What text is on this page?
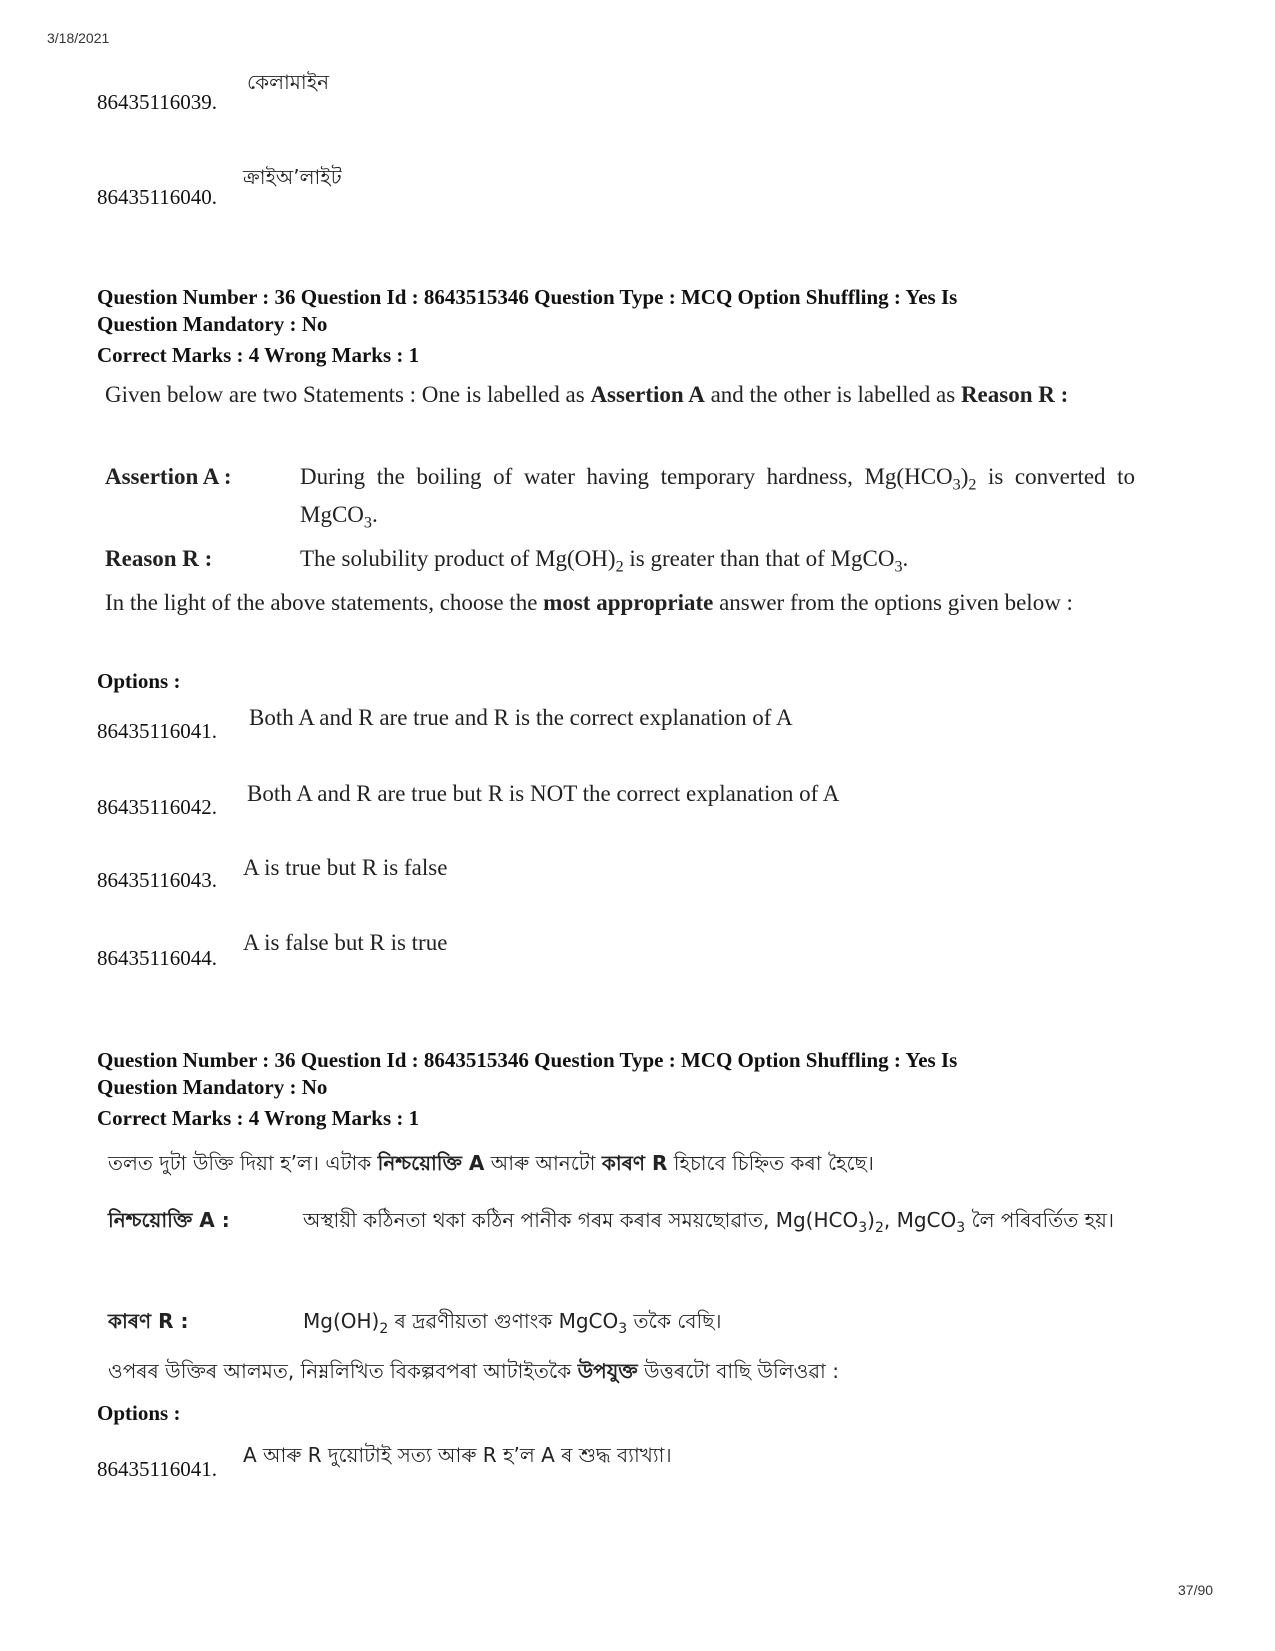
3/18/2021
37/90
86435116039.
কেলামাইন
86435116040.
ক্ৰাইঅ’লাইট
Question Number : 36 Question Id : 8643515346 Question Type : MCQ Option Shuffling : Yes Is
Question Mandatory : No
Correct Marks : 4 Wrong Marks : 1
Given below are two Statements : One is labelled as Assertion A and the other is labelled as Reason R :
Assertion A :	During the boiling of water having temporary hardness, $Mg(HCO_3)_2$ is converted to MgCO$_3$.
Reason R :	The solubility product of $Mg(OH)_2$ is greater than that of MgCO$_3$.
In the light of the above statements, choose the most appropriate answer from the options given below :
Options :
86435116041.
Both A and R are true and R is the correct explanation of A
86435116042.
Both A and R are true but R is NOT the correct explanation of A
86435116043. A is true but R is false
86435116044.
A is false but R is true
Question Number : 36 Question Id : 8643515346 Question Type : MCQ Option Shuffling : Yes Is
Question Mandatory : No
Correct Marks : 4 Wrong Marks : 1
তলত দুটা উক্তি দিয়া হ’ল। এটাক নিশ্চয়োক্তি A আৰু আনটো কাৰণ R হিচাবে চিহ্নিত কৰা হৈছে।
নিশ্চয়োক্তি A :	অস্থায়ী কঠিনতা থকা কঠিন পানীক গৰম কৰাৰ সময়ছোৱাত, $Mg(HCO_3)_2$, MgCO$_3$ লৈ পৰিবৰ্তিত হয়।
কাৰণ R :	$Mg(OH)_2$ ৰ দ্ৰৱণীয়তা গুণাংক MgCO$_3$ তকৈ বেছি।
ওপৰৰ উক্তিৰ আলমত, নিম্নলিখিত বিকল্পবপৰা আটাইতকৈ উপযুক্ত উত্তৰটো বাছি উলিওৱা :
Options :
86435116041.
A আৰু R দুয়োটাই সত্য আৰু R হ’ল A ৰ শুদ্ধ ব্যাখ্যা।
